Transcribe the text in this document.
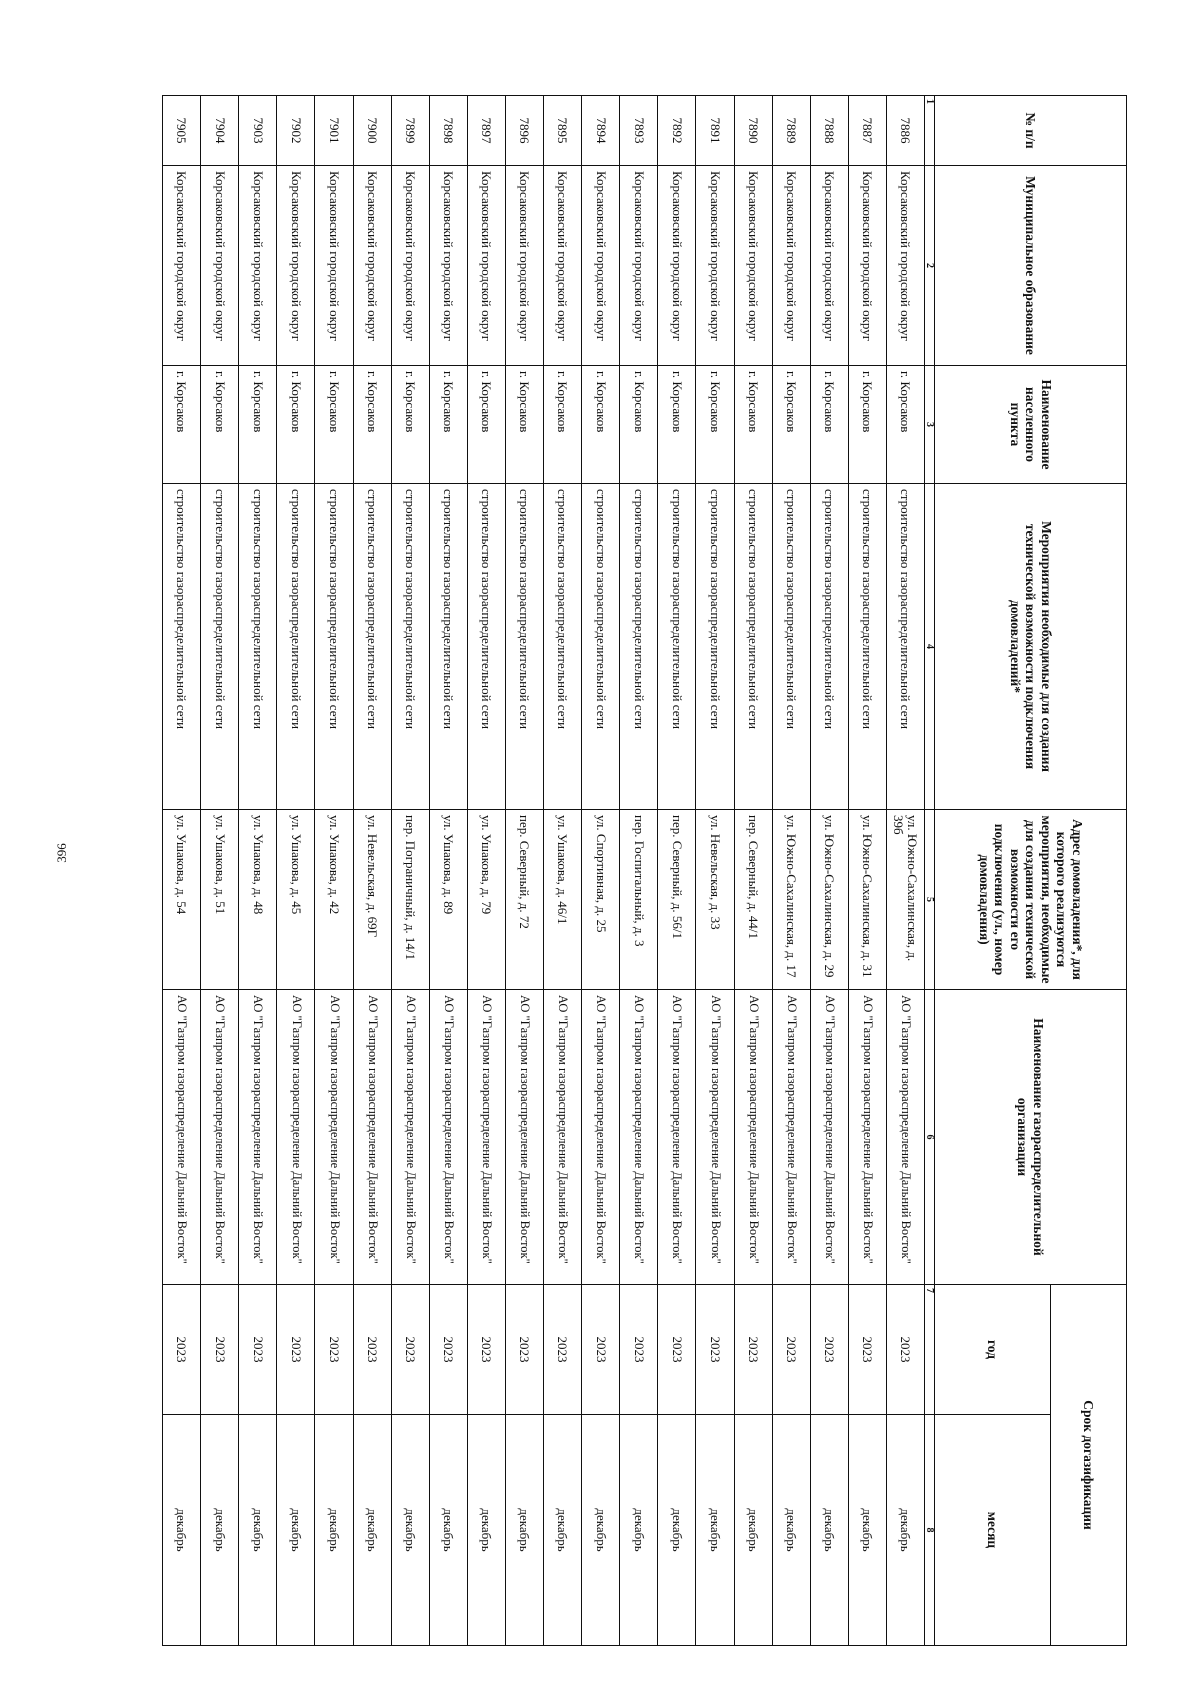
396
№ п/п	Муниципальное образование	Наименование населенного пункта	Мероприятия необходимые для создания технической возможности подключения домовладений*	Адрес домовладения*, для которого реализуются мероприятия, необходимые для создания технической возможности его подключения (ул., номер домовладения)	Наименование газораспределительной организации	Срок догазификации	
						год	месяц
1	2	3	4	5	6	7	8
7886	Корсаковский городской округ	г. Корсаков	строительство газораспределительной сети	ул. Южно-Сахалинская, д. 39б	АО "Газпром газораспределение Дальний Восток"	2023	декабрь
7887	Корсаковский городской округ	г. Корсаков	строительство газораспределительной сети	ул. Южно-Сахалинская, д. 31	АО "Газпром газораспределение Дальний Восток"	2023	декабрь
7888	Корсаковский городской округ	г. Корсаков	строительство газораспределительной сети	ул. Южно-Сахалинская, д. 29	АО "Газпром газораспределение Дальний Восток"	2023	декабрь
7889	Корсаковский городской округ	г. Корсаков	строительство газораспределительной сети	ул. Южно-Сахалинская, д. 17	АО "Газпром газораспределение Дальний Восток"	2023	декабрь
7890	Корсаковский городской округ	г. Корсаков	строительство газораспределительной сети	пер. Северный, д. 44/1	АО "Газпром газораспределение Дальний Восток"	2023	декабрь
7891	Корсаковский городской округ	г. Корсаков	строительство газораспределительной сети	ул. Невельская, д. 33	АО "Газпром газораспределение Дальний Восток"	2023	декабрь
7892	Корсаковский городской округ	г. Корсаков	строительство газораспределительной сети	пер. Северный, д. 56/1	АО "Газпром газораспределение Дальний Восток"	2023	декабрь
7893	Корсаковский городской округ	г. Корсаков	строительство газораспределительной сети	пер. Госпитальный, д. 3	АО "Газпром газораспределение Дальний Восток"	2023	декабрь
7894	Корсаковский городской округ	г. Корсаков	строительство газораспределительной сети	ул. Спортивная, д. 25	АО "Газпром газораспределение Дальний Восток"	2023	декабрь
7895	Корсаковский городской округ	г. Корсаков	строительство газораспределительной сети	ул. Ушакова, д. 46/1	АО "Газпром газораспределение Дальний Восток"	2023	декабрь
7896	Корсаковский городской округ	г. Корсаков	строительство газораспределительной сети	пер. Северный, д. 72	АО "Газпром газораспределение Дальний Восток"	2023	декабрь
7897	Корсаковский городской округ	г. Корсаков	строительство газораспределительной сети	ул. Ушакова, д. 79	АО "Газпром газораспределение Дальний Восток"	2023	декабрь
7898	Корсаковский городской округ	г. Корсаков	строительство газораспределительной сети	ул. Ушакова, д. 89	АО "Газпром газораспределение Дальний Восток"	2023	декабрь
7899	Корсаковский городской округ	г. Корсаков	строительство газораспределительной сети	пер. Пограничный, д. 14/1	АО "Газпром газораспределение Дальний Восток"	2023	декабрь
7900	Корсаковский городской округ	г. Корсаков	строительство газораспределительной сети	ул. Невельская, д. 69Г	АО "Газпром газораспределение Дальний Восток"	2023	декабрь
7901	Корсаковский городской округ	г. Корсаков	строительство газораспределительной сети	ул. Ушакова, д. 42	АО "Газпром газораспределение Дальний Восток"	2023	декабрь
7902	Корсаковский городской округ	г. Корсаков	строительство газораспределительной сети	ул. Ушакова, д. 45	АО "Газпром газораспределение Дальний Восток"	2023	декабрь
7903	Корсаковский городской округ	г. Корсаков	строительство газораспределительной сети	ул. Ушакова, д. 48	АО "Газпром газораспределение Дальний Восток"	2023	декабрь
7904	Корсаковский городской округ	г. Корсаков	строительство газораспределительной сети	ул. Ушакова, д. 51	АО "Газпром газораспределение Дальний Восток"	2023	декабрь
7905	Корсаковский городской округ	г. Корсаков	строительство газораспределительной сети	ул. Ушакова, д. 54	АО "Газпром газораспределение Дальний Восток"	2023	декабрь
